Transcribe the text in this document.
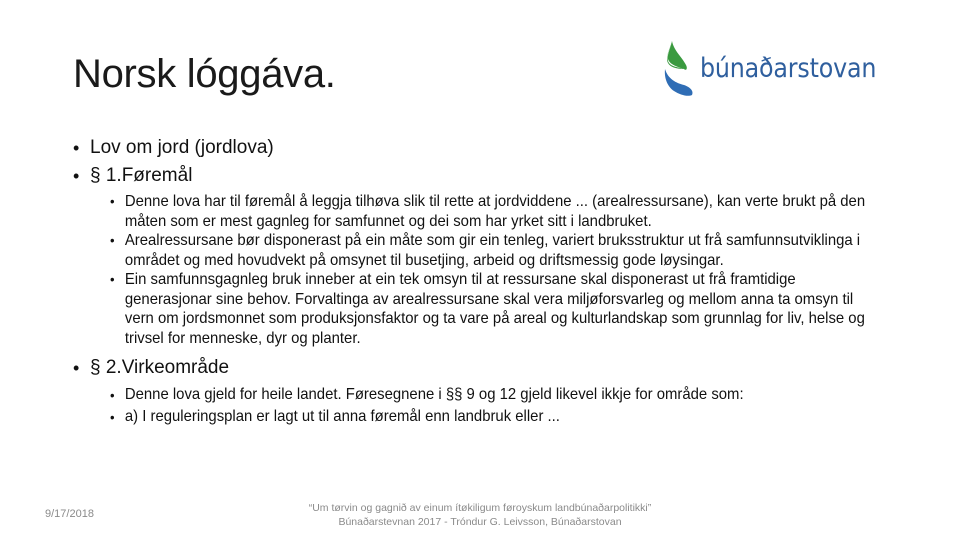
Norsk lóggáva.	búnaðarstovan
• Lov om jord (jordlova)
• § 1.Føremål
• Denne lova har til føremål å leggja tilhøva slik til rette at jordviddene ... (arealressursane), kan verte brukt på den måten som er mest gagnleg for samfunnet og dei som har yrket sitt i landbruket.
• Arealressursane bør disponerast på ein måte som gir ein tenleg, variert bruksstruktur ut frå samfunnsutviklinga i området og med hovudvekt på omsynet til busetjing, arbeid og driftsmessig gode løysingar.
• Ein samfunnsgagnleg bruk inneber at ein tek omsyn til at ressursane skal disponerast ut frå framtidige generasjonar sine behov. Forvaltinga av arealressursane skal vera miljøforsvarleg og mellom anna ta omsyn til vern om jordsmonnet som produksjonsfaktor og ta vare på areal og kulturlandskap som grunnlag for liv, helse og trivsel for menneske, dyr og planter.
• § 2.Virkeområde
• Denne lova gjeld for heile landet. Føresegnene i §§ 9 og 12 gjeld likevel ikkje for område som:
• a) I reguleringsplan er lagt ut til anna føremål enn landbruk eller ...
9/17/2018	“Um tørvin og gagnið av einum ítøkiligum føroyskum landbúnaðarpolitikki”
Búnaðarstevnan 2017 - Tróndur G. Leivsson, Búnaðarstovan
